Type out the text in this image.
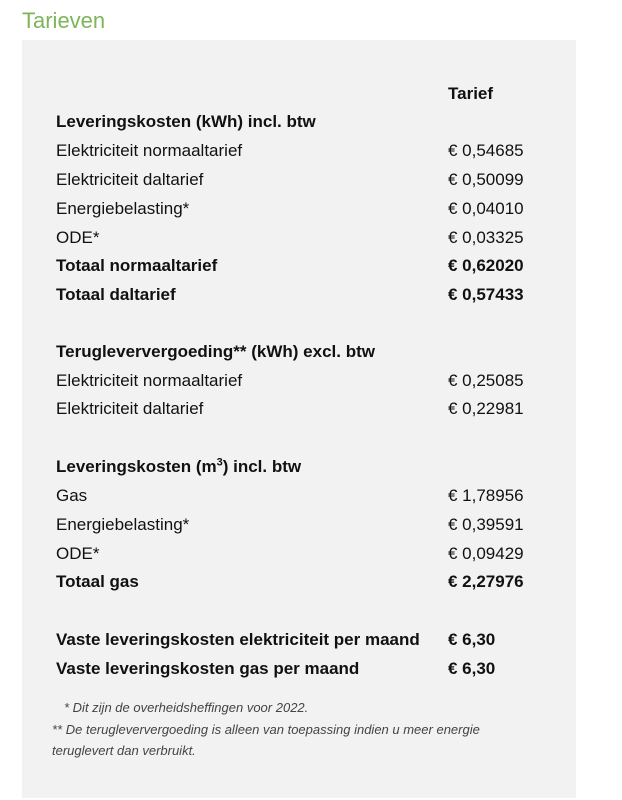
Tarieven
Tarief
Leveringskosten (kWh) incl. btw
Elektriciteit normaaltarief	€ 0,54685
Elektriciteit daltarief	€ 0,50099
Energiebelasting*	€ 0,04010
ODE*	€ 0,03325
Totaal normaaltarief	€ 0,62020
Totaal daltarief	€ 0,57433
Terugleververgoeding** (kWh) excl. btw
Elektriciteit normaaltarief	€ 0,25085
Elektriciteit daltarief	€ 0,22981
Leveringskosten $(m^3)$ incl. btw
Gas	€ 1,78956
Energiebelasting*	€ 0,39591
ODE*	€ 0,09429
Totaal gas	€ 2,27976
Vaste leveringskosten elektriciteit per maand € 6,30
Vaste leveringskosten gas per maand	€ 6,30
* Dit zijn de overheidsheffingen voor 2022.
** De terugleververgoeding is alleen van toepassing indien u meer energie
teruglevert dan verbruikt.
